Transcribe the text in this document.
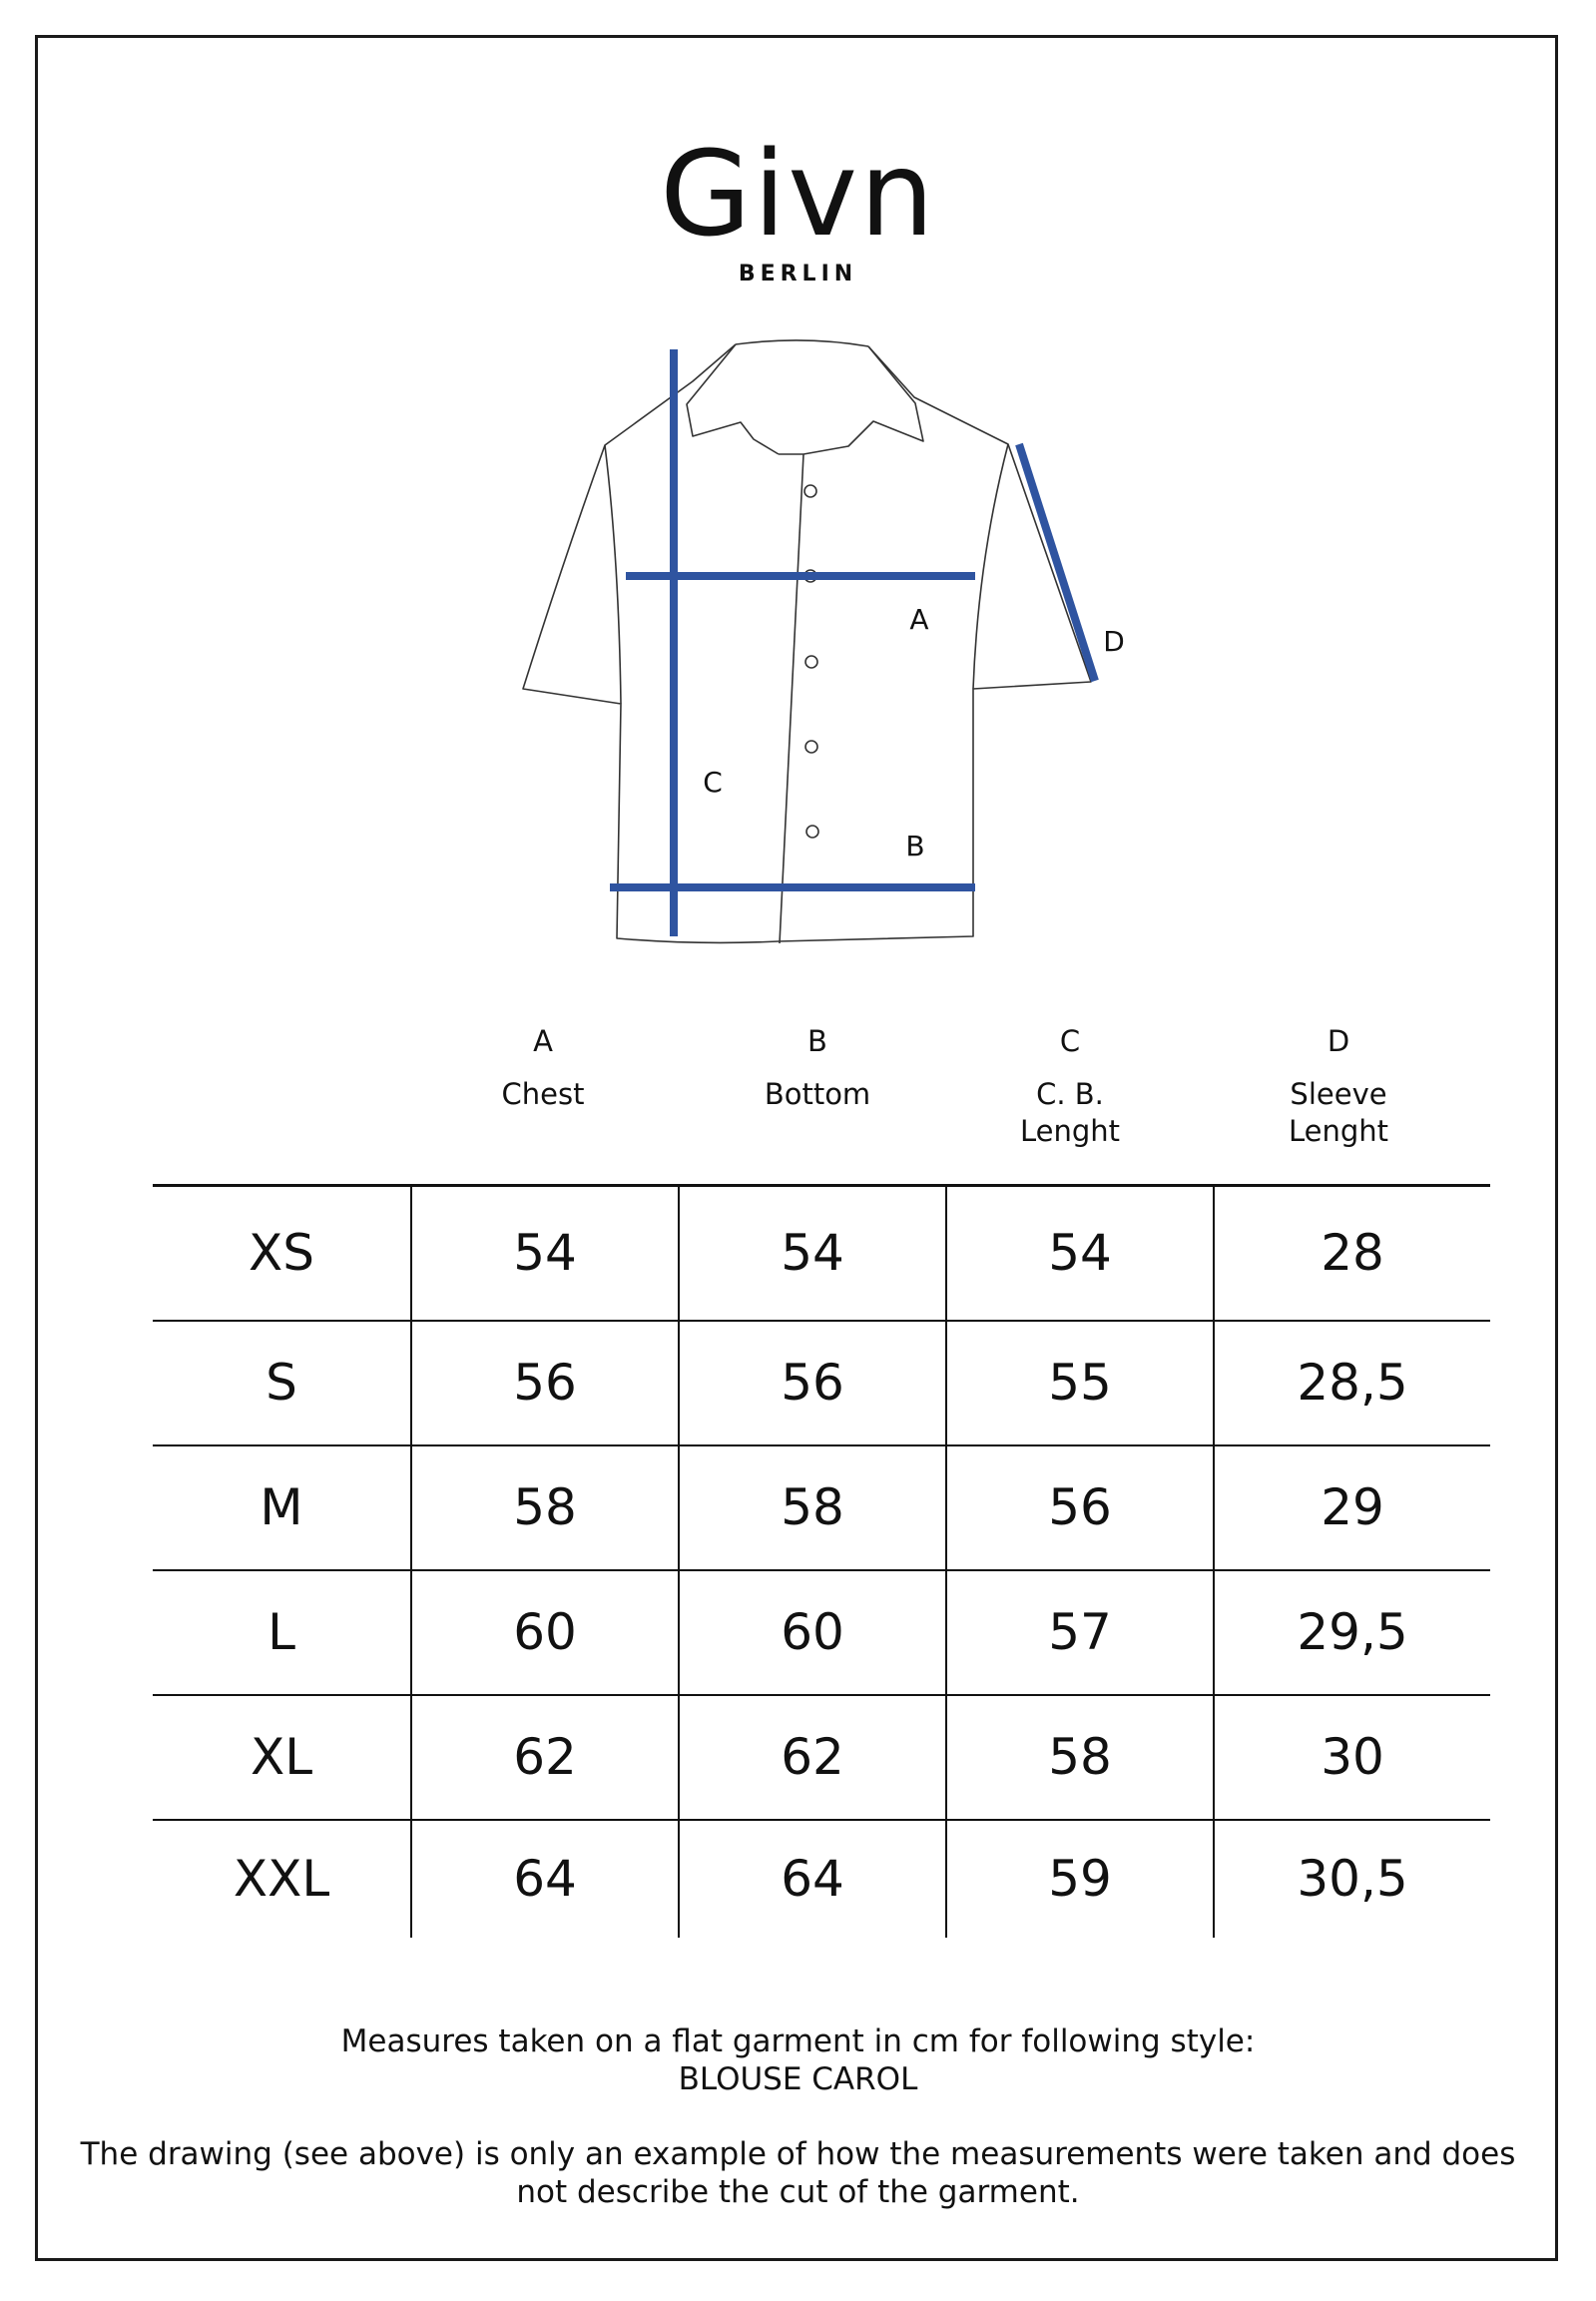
Givn
BERLIN
A
B
C
D
A
Chest
B
Bottom
C
C. B. Lenght
D
Sleeve Lenght
XS	54	54	54	28
S	56	56	55	28,5
M	58	58	56	29
L	60	60	57	29,5
XL	62	62	58	30
XXL	64	64	59	30,5
Measures taken on a flat garment in cm for following style:
BLOUSE CAROL
The drawing (see above) is only an example of how the measurements were taken and does not describe the cut of the garment.
